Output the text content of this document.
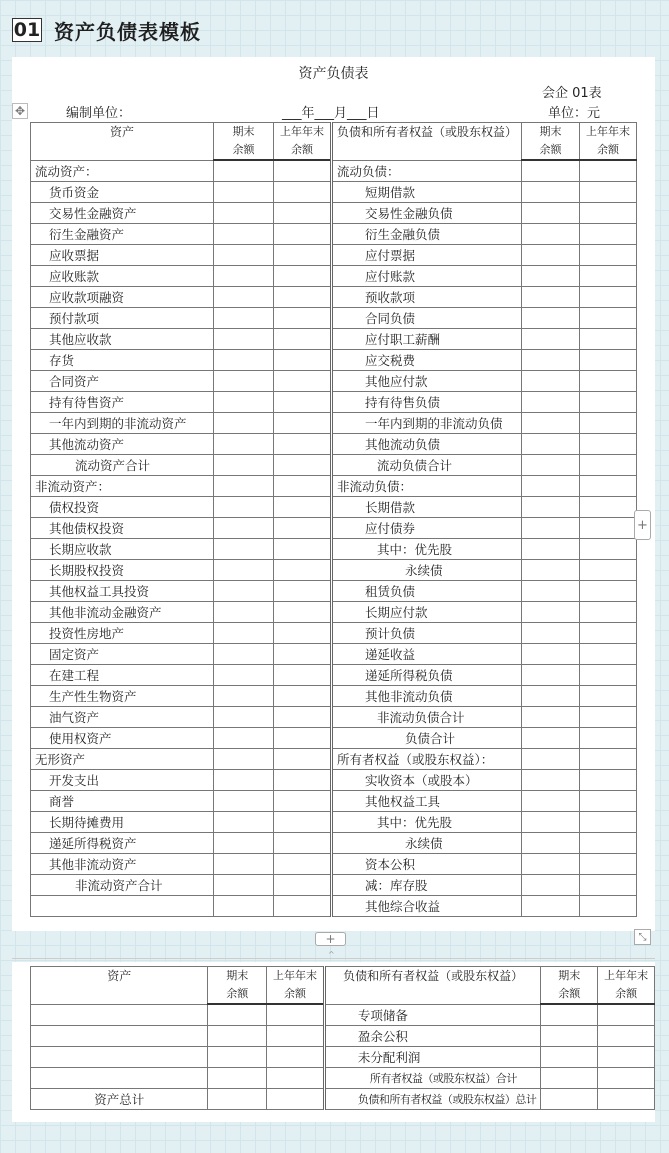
01 资产负债表模板
资产负债表
会企 01表
编制单位：	___年___月___日	单位：元
资产	期末	上年年末	负债和所有者权益（或股东权益）	期末	上年年末
	余额	余额		余额	余额
流动资产：			流动负债：		
货币资金			短期借款		
交易性金融资产			交易性金融负债		
衍生金融资产			衍生金融负债		
应收票据			应付票据		
应收账款			应付账款		
应收款项融资			预收款项		
预付款项			合同负债		
其他应收款			应付职工薪酬		
存货			应交税费		
合同资产			其他应付款		
持有待售资产			持有待售负债		
一年内到期的非流动资产			一年内到期的非流动负债		
其他流动资产			其他流动负债		
流动资产合计			流动负债合计		
非流动资产：			非流动负债：		
债权投资			长期借款		
其他债权投资			应付债券		
长期应收款			其中：优先股		
长期股权投资			永续债		
其他权益工具投资			租赁负债		
其他非流动金融资产			长期应付款		
投资性房地产			预计负债		
固定资产			递延收益		
在建工程			递延所得税负债		
生产性生物资产			其他非流动负债		
油气资产			非流动负债合计		
使用权资产			负债合计		
无形资产			所有者权益（或股东权益）：		
开发支出			实收资本（或股本）		
商誉			其他权益工具		
长期待摊费用			其中：优先股		
递延所得税资产			永续债		
其他非流动资产			资本公积		
非流动资产合计			减：库存股		
			其他综合收益		
✥
+
+	⤡
^
资产	期末	上年年末	负债和所有者权益（或股东权益）	期末	上年年末
	余额	余额		余额	余额
			专项储备		
			盈余公积		
			未分配利润		
			所有者权益（或股东权益）合计		
资产总计			负债和所有者权益（或股东权益）总计		
